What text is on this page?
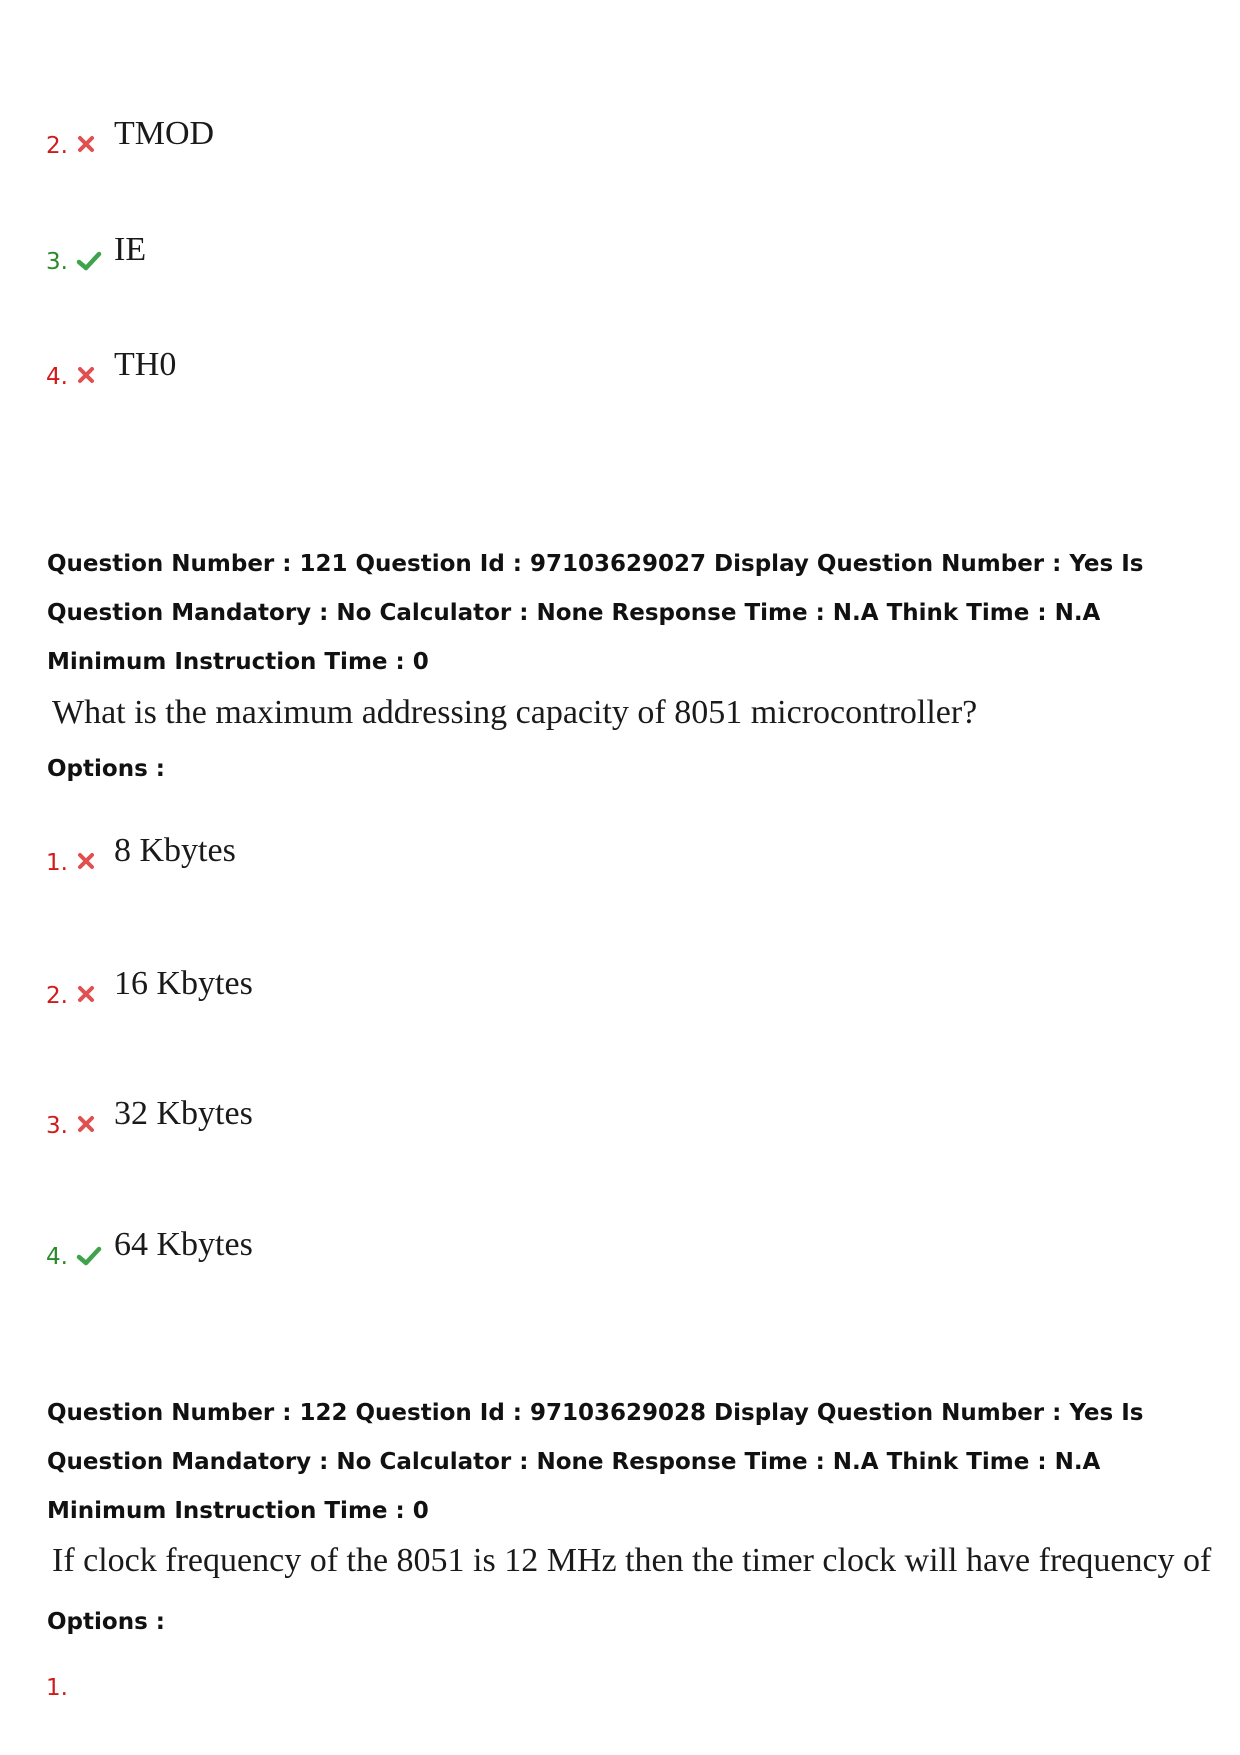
2. TMOD
3. IE
4. TH0
Question Number : 121 Question Id : 97103629027 Display Question Number : Yes Is Question Mandatory : No Calculator : None Response Time : N.A Think Time : N.A Minimum Instruction Time : 0
What is the maximum addressing capacity of 8051 microcontroller?
Options :
1. 8 Kbytes
2. 16 Kbytes
3. 32 Kbytes
4. 64 Kbytes
Question Number : 122 Question Id : 97103629028 Display Question Number : Yes Is Question Mandatory : No Calculator : None Response Time : N.A Think Time : N.A Minimum Instruction Time : 0
If clock frequency of the 8051 is 12 MHz then the timer clock will have frequency of
Options :
1.
